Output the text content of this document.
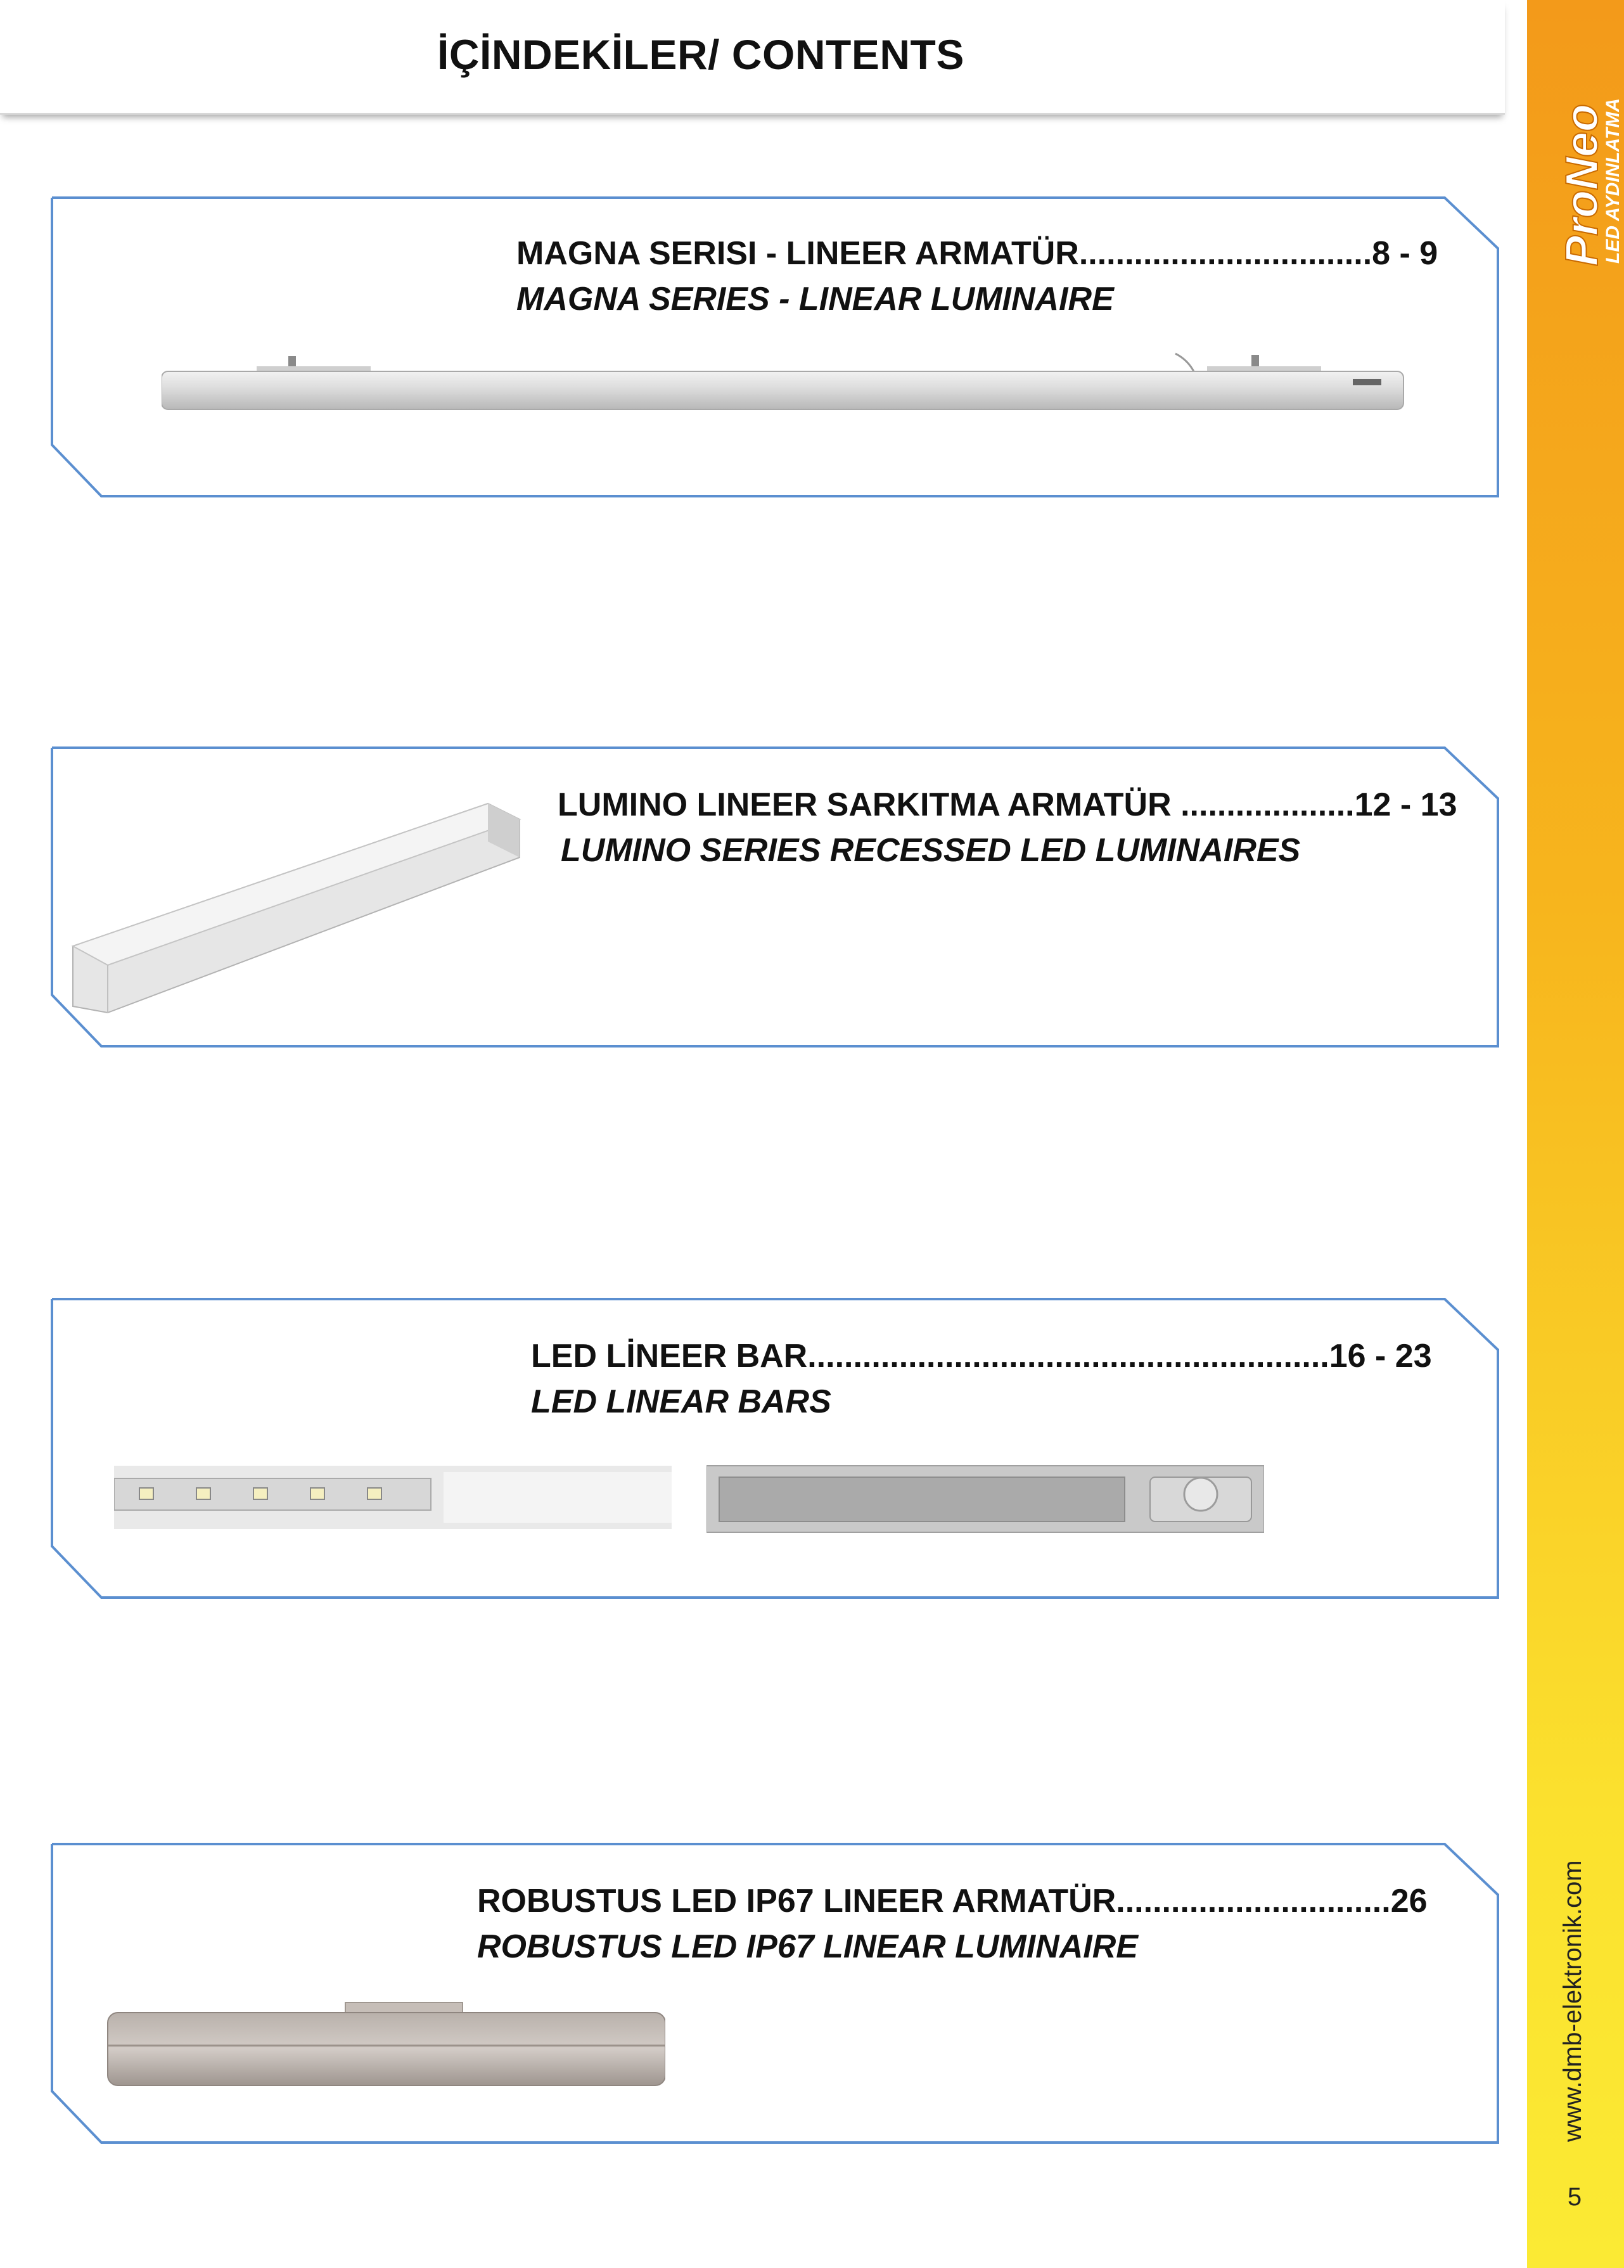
İÇİNDEKİLER/ CONTENTS
ProNeo
LED AYDINLATMA
www.dmb-elektronik.com
5
MAGNA SERISI - LINEER ARMATÜR................................8 - 9
MAGNA SERIES - LINEAR LUMINAIRE
LUMINO LINEER SARKITMA ARMATÜR ...................12 - 13
LUMINO SERIES RECESSED LED LUMINAIRES
LED LİNEER BAR.........................................................16 - 23
LED LINEAR BARS
ROBUSTUS LED IP67 LINEER ARMATÜR..............................26
ROBUSTUS LED IP67 LINEAR LUMINAIRE
